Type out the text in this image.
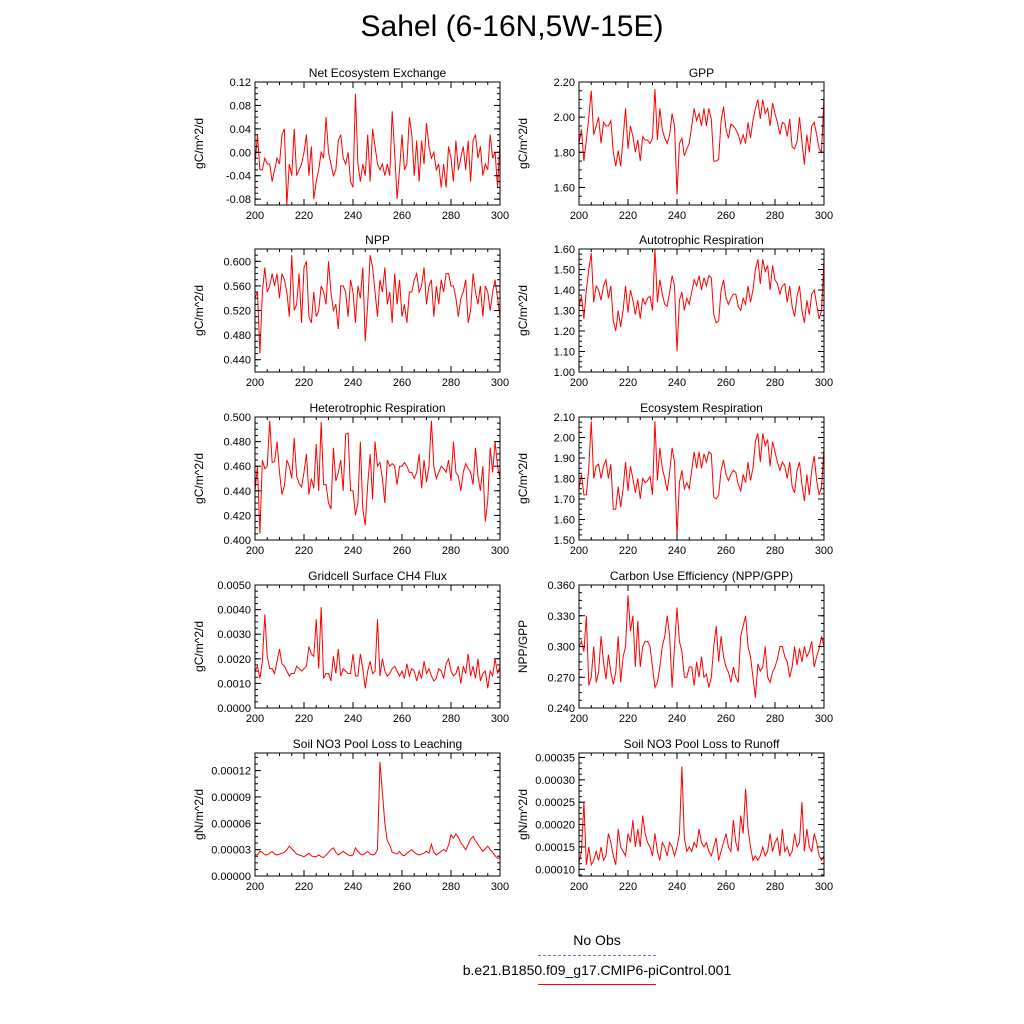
Sahel (6-16N,5W-15E)
Net Ecosystem Exchange
gC/m^2/d
200	220	240	260	280	300
-0.08
-0.04
0.00
0.04
0.08
0.12
GPP
gC/m^2/d
200	220	240	260	280	300
1.60
1.80
2.00
2.20
NPP
gC/m^2/d
200	220	240	260	280	300
0.440
0.480
0.520
0.560
0.600
Autotrophic Respiration
gC/m^2/d
200	220	240	260	280	300
1.00
1.10
1.20
1.30
1.40
1.50
1.60
Heterotrophic Respiration
gC/m^2/d
200	220	240	260	280	300
0.400
0.420
0.440
0.460
0.480
0.500
Ecosystem Respiration
gC/m^2/d
200	220	240	260	280	300
1.50
1.60
1.70
1.80
1.90
2.00
2.10
Gridcell Surface CH4 Flux
gC/m^2/d
200	220	240	260	280	300
0.0000
0.0010
0.0020
0.0030
0.0040
0.0050
Carbon Use Efficiency (NPP/GPP)
NPP/GPP
200	220	240	260	280	300
0.240
0.270
0.300
0.330
0.360
Soil NO3 Pool Loss to Leaching
gN/m^2/d
200	220	240	260	280	300
0.00000
0.00003
0.00006
0.00009
0.00012
Soil NO3 Pool Loss to Runoff
gN/m^2/d
200	220	240	260	280	300
0.00010
0.00015
0.00020
0.00025
0.00030
0.00035
No Obs
b.e21.B1850.f09_g17.CMIP6-piControl.001
